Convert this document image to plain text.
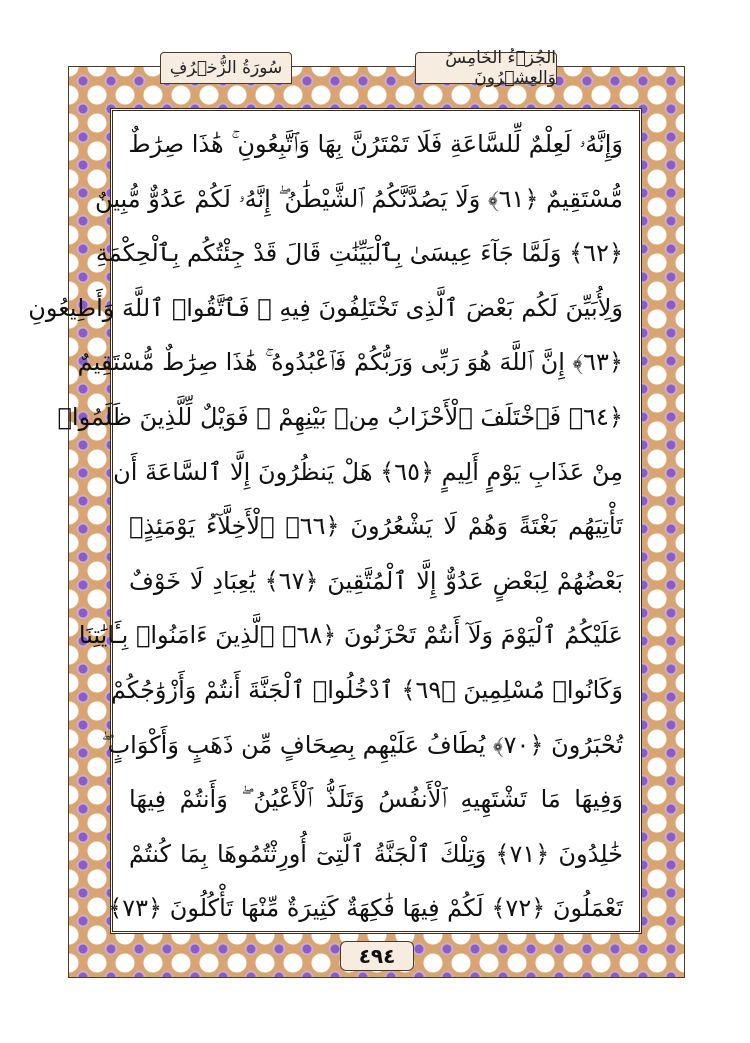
سُورَةُ الزُّخۡرُفِ	الجُزۡءُ الخَامِسُ وَالعِشۡرُونَ
وَإِنَّهُۥ لَعِلْمٌ لِّلسَّاعَةِ فَلَا تَمْتَرُنَّ بِهَا وَٱتَّبِعُونِ ۚ هَٰذَا صِرَٰطٌ
مُّسْتَقِيمٌ ﴿٦١﴾ وَلَا يَصُدَّنَّكُمُ ٱلشَّيْطَٰنُ ۖ إِنَّهُۥ لَكُمْ عَدُوٌّ مُّبِينٌ
﴿٦٢﴾ وَلَمَّا جَآءَ عِيسَىٰ بِٱلْبَيِّنَٰتِ قَالَ قَدْ جِئْتُكُم بِٱلْحِكْمَةِ
وَلِأُبَيِّنَ لَكُم بَعْضَ ٱلَّذِى تَخْتَلِفُونَ فِيهِ ۖ فَٱتَّقُوا۟ ٱللَّهَ وَأَطِيعُونِ
﴿٦٣﴾ إِنَّ ٱللَّهَ هُوَ رَبِّى وَرَبُّكُمْ فَٱعْبُدُوهُ ۚ هَٰذَا صِرَٰطٌ مُّسْتَقِيمٌ
﴿٦٤﴾ فَٱخْتَلَفَ ٱلْأَحْزَابُ مِنۢ بَيْنِهِمْ ۖ فَوَيْلٌ لِّلَّذِينَ ظَلَمُوا۟
مِنْ عَذَابِ يَوْمٍ أَلِيمٍ ﴿٦٥﴾ هَلْ يَنظُرُونَ إِلَّا ٱلسَّاعَةَ أَن
تَأْتِيَهُم بَغْتَةً وَهُمْ لَا يَشْعُرُونَ ﴿٦٦﴾ ٱلْأَخِلَّآءُ يَوْمَئِذٍۭ
بَعْضُهُمْ لِبَعْضٍ عَدُوٌّ إِلَّا ٱلْمُتَّقِينَ ﴿٦٧﴾ يَٰعِبَادِ لَا خَوْفٌ
عَلَيْكُمُ ٱلْيَوْمَ وَلَآ أَنتُمْ تَحْزَنُونَ ﴿٦٨﴾ ٱلَّذِينَ ءَامَنُوا۟ بِـَٔايَٰتِنَا
وَكَانُوا۟ مُسْلِمِينَ ﴿٦٩﴾ ٱدْخُلُوا۟ ٱلْجَنَّةَ أَنتُمْ وَأَزْوَٰجُكُمْ
تُحْبَرُونَ ﴿٧٠﴾ يُطَافُ عَلَيْهِم بِصِحَافٍ مِّن ذَهَبٍ وَأَكْوَابٍ ۖ
وَفِيهَا مَا تَشْتَهِيهِ ٱلْأَنفُسُ وَتَلَذُّ ٱلْأَعْيُنُ ۖ وَأَنتُمْ فِيهَا
خَٰلِدُونَ ﴿٧١﴾ وَتِلْكَ ٱلْجَنَّةُ ٱلَّتِىٓ أُورِثْتُمُوهَا بِمَا كُنتُمْ
تَعْمَلُونَ ﴿٧٢﴾ لَكُمْ فِيهَا فَٰكِهَةٌ كَثِيرَةٌ مِّنْهَا تَأْكُلُونَ ﴿٧٣﴾
٤٩٤
